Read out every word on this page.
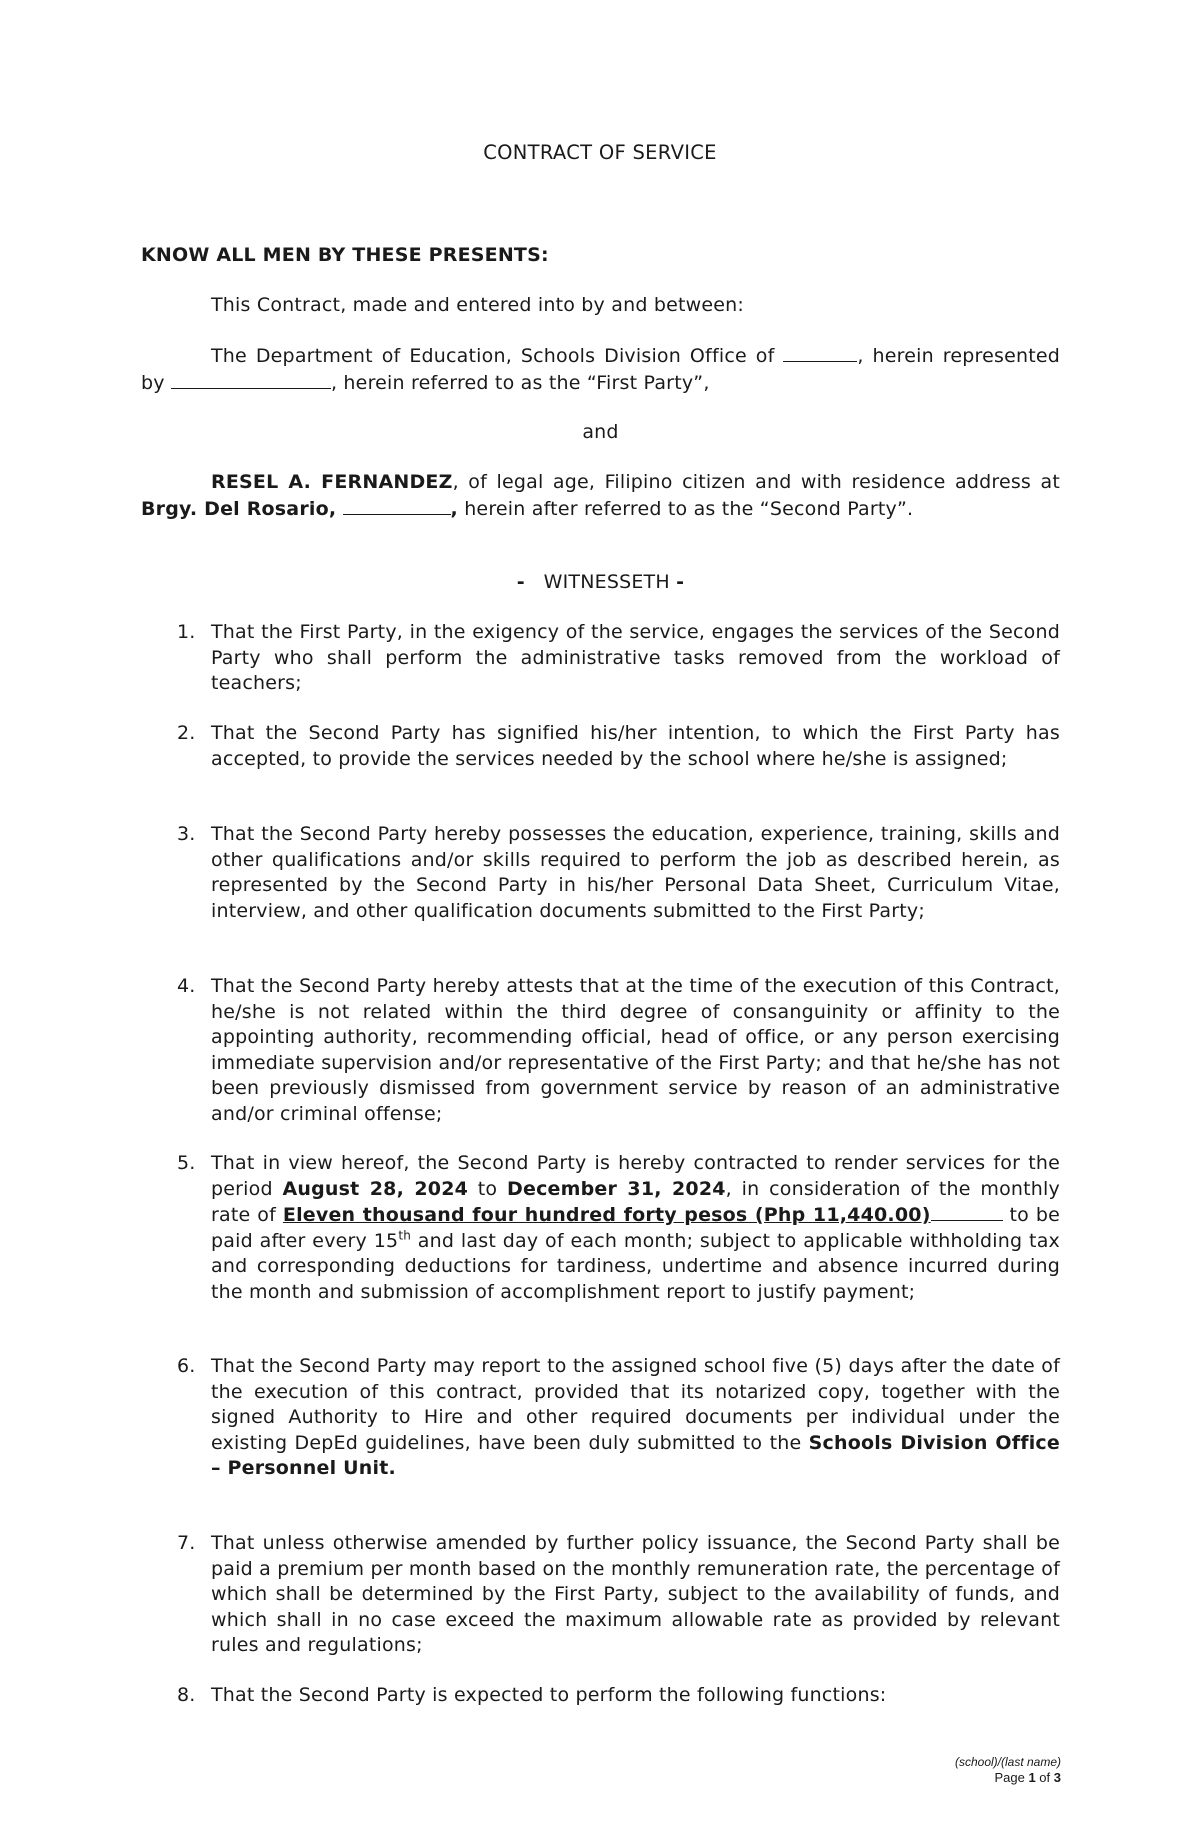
CONTRACT OF SERVICE
KNOW ALL MEN BY THESE PRESENTS:
This Contract, made and entered into by and between:
The Department of Education, Schools Division Office of	, herein represented by	, herein referred to as the “First Party”,
and
RESEL A. FERNANDEZ, of legal age, Filipino citizen and with residence address at Brgy. Del Rosario,	, herein after referred to as the “Second Party”.
- WITNESSETH -
1. That the First Party, in the exigency of the service, engages the services of the Second Party who shall perform the administrative tasks removed from the workload of teachers;
2. That the Second Party has signified his/her intention, to which the First Party has accepted, to provide the services needed by the school where he/she is assigned;
3. That the Second Party hereby possesses the education, experience, training, skills and other qualifications and/or skills required to perform the job as described herein, as represented by the Second Party in his/her Personal Data Sheet, Curriculum Vitae, interview, and other qualification documents submitted to the First Party;
4. That the Second Party hereby attests that at the time of the execution of this Contract, he/she is not related within the third degree of consanguinity or affinity to the appointing authority, recommending official, head of office, or any person exercising immediate supervision and/or representative of the First Party; and that he/she has not been previously dismissed from government service by reason of an administrative and/or criminal offense;
5. That in view hereof, the Second Party is hereby contracted to render services for the period August 28, 2024 to December 31, 2024, in consideration of the monthly rate of Eleven thousand four hundred forty pesos (Php 11,440.00)	to be paid after every 15th and last day of each month; subject to applicable withholding tax and corresponding deductions for tardiness, undertime and absence incurred during the month and submission of accomplishment report to justify payment;
6. That the Second Party may report to the assigned school five (5) days after the date of the execution of this contract, provided that its notarized copy, together with the signed Authority to Hire and other required documents per individual under the existing DepEd guidelines, have been duly submitted to the Schools Division Office – Personnel Unit.
7. That unless otherwise amended by further policy issuance, the Second Party shall be paid a premium per month based on the monthly remuneration rate, the percentage of which shall be determined by the First Party, subject to the availability of funds, and which shall in no case exceed the maximum allowable rate as provided by relevant rules and regulations;
8. That the Second Party is expected to perform the following functions:
(school)/(last name)
Page 1 of 3
